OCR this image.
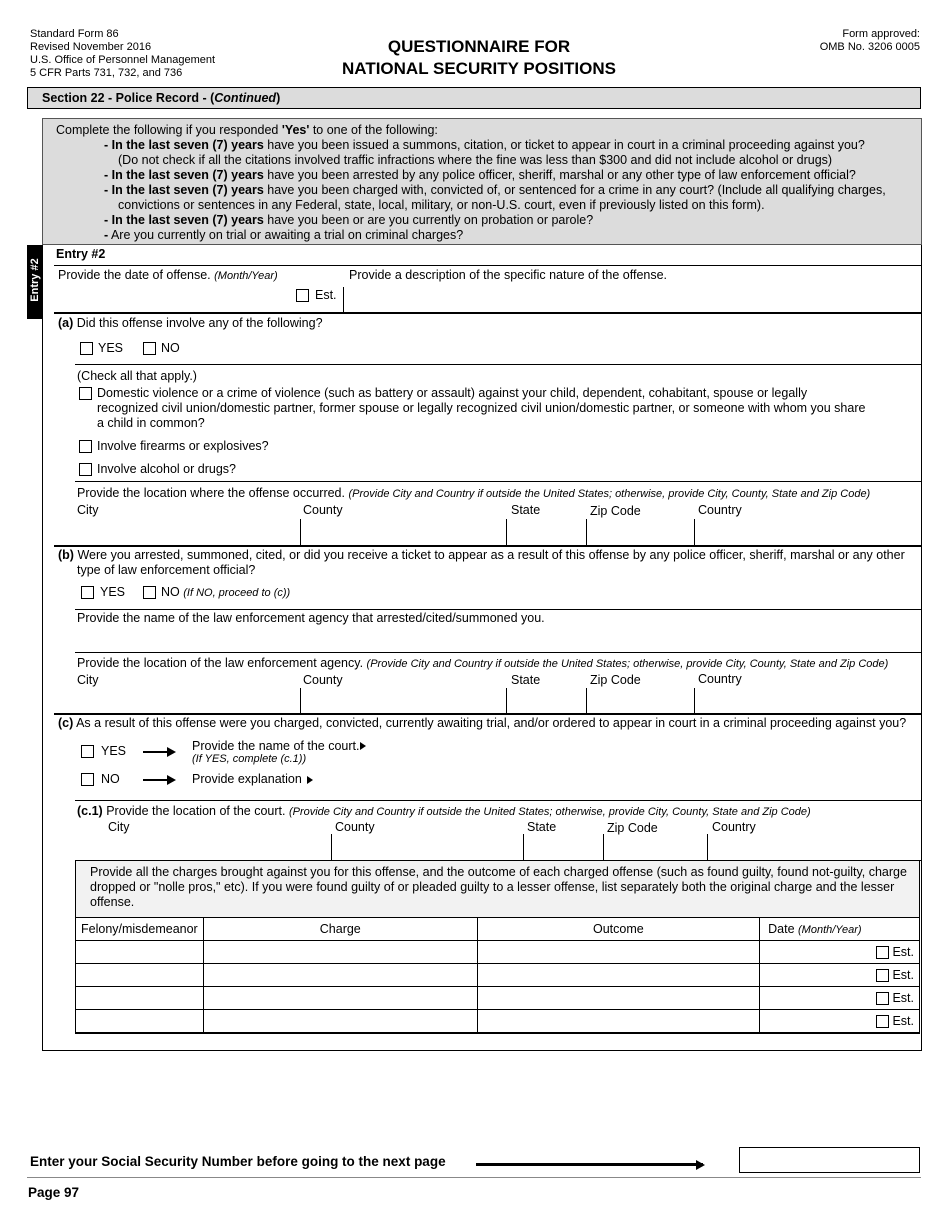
Standard Form 86
Revised November 2016
U.S. Office of Personnel Management
5 CFR Parts 731, 732, and 736
QUESTIONNAIRE FOR
NATIONAL SECURITY POSITIONS
Form approved:
OMB No. 3206 0005
Section 22 - Police Record - (Continued)
Complete the following if you responded 'Yes' to one of the following:
- In the last seven (7) years have you been issued a summons, citation, or ticket to appear in court in a criminal proceeding against you?
(Do not check if all the citations involved traffic infractions where the fine was less than $300 and did not include alcohol or drugs)
- In the last seven (7) years have you been arrested by any police officer, sheriff, marshal or any other type of law enforcement official?
- In the last seven (7) years have you been charged with, convicted of, or sentenced for a crime in any court? (Include all qualifying charges,
convictions or sentences in any Federal, state, local, military, or non-U.S. court, even if previously listed on this form).
- In the last seven (7) years have you been or are you currently on probation or parole?
- Are you currently on trial or awaiting a trial on criminal charges?
Entry #2
Entry #2
Provide the date of offense. (Month/Year)	Provide a description of the specific nature of the offense.
Est.
(a) Did this offense involve any of the following?
YES	NO
(Check all that apply.)
Domestic violence or a crime of violence (such as battery or assault) against your child, dependent, cohabitant, spouse or legally
recognized civil union/domestic partner, former spouse or legally recognized civil union/domestic partner, or someone with whom you share
a child in common?
Involve firearms or explosives?
Involve alcohol or drugs?
Provide the location where the offense occurred. (Provide City and Country if outside the United States; otherwise, provide City, County, State and Zip Code)
City	County	State	Zip Code	Country
(b) Were you arrested, summoned, cited, or did you receive a ticket to appear as a result of this offense by any police officer, sheriff, marshal or any other
type of law enforcement official?
YES	NO (If NO, proceed to (c))
Provide the name of the law enforcement agency that arrested/cited/summoned you.
Provide the location of the law enforcement agency. (Provide City and Country if outside the United States; otherwise, provide City, County, State and Zip Code)
City	County	State	Zip Code	Country
(c) As a result of this offense were you charged, convicted, currently awaiting trial, and/or ordered to appear in court in a criminal proceeding against you?
YES	Provide the name of the court.
(If YES, complete (c.1))
NO	Provide explanation
(c.1) Provide the location of the court. (Provide City and Country if outside the United States; otherwise, provide City, County, State and Zip Code)
City	County	State	Zip Code	Country
Provide all the charges brought against you for this offense, and the outcome of each charged offense (such as found guilty, found not-guilty, charge dropped or "nolle pros," etc). If you were found guilty of or pleaded guilty to a lesser offense, list separately both the original charge and the lesser offense.
Felony/misdemeanor	Charge	Outcome	Date (Month/Year)
			Est.
			Est.
			Est.
			Est.
Enter your Social Security Number before going to the next page
Page 97
